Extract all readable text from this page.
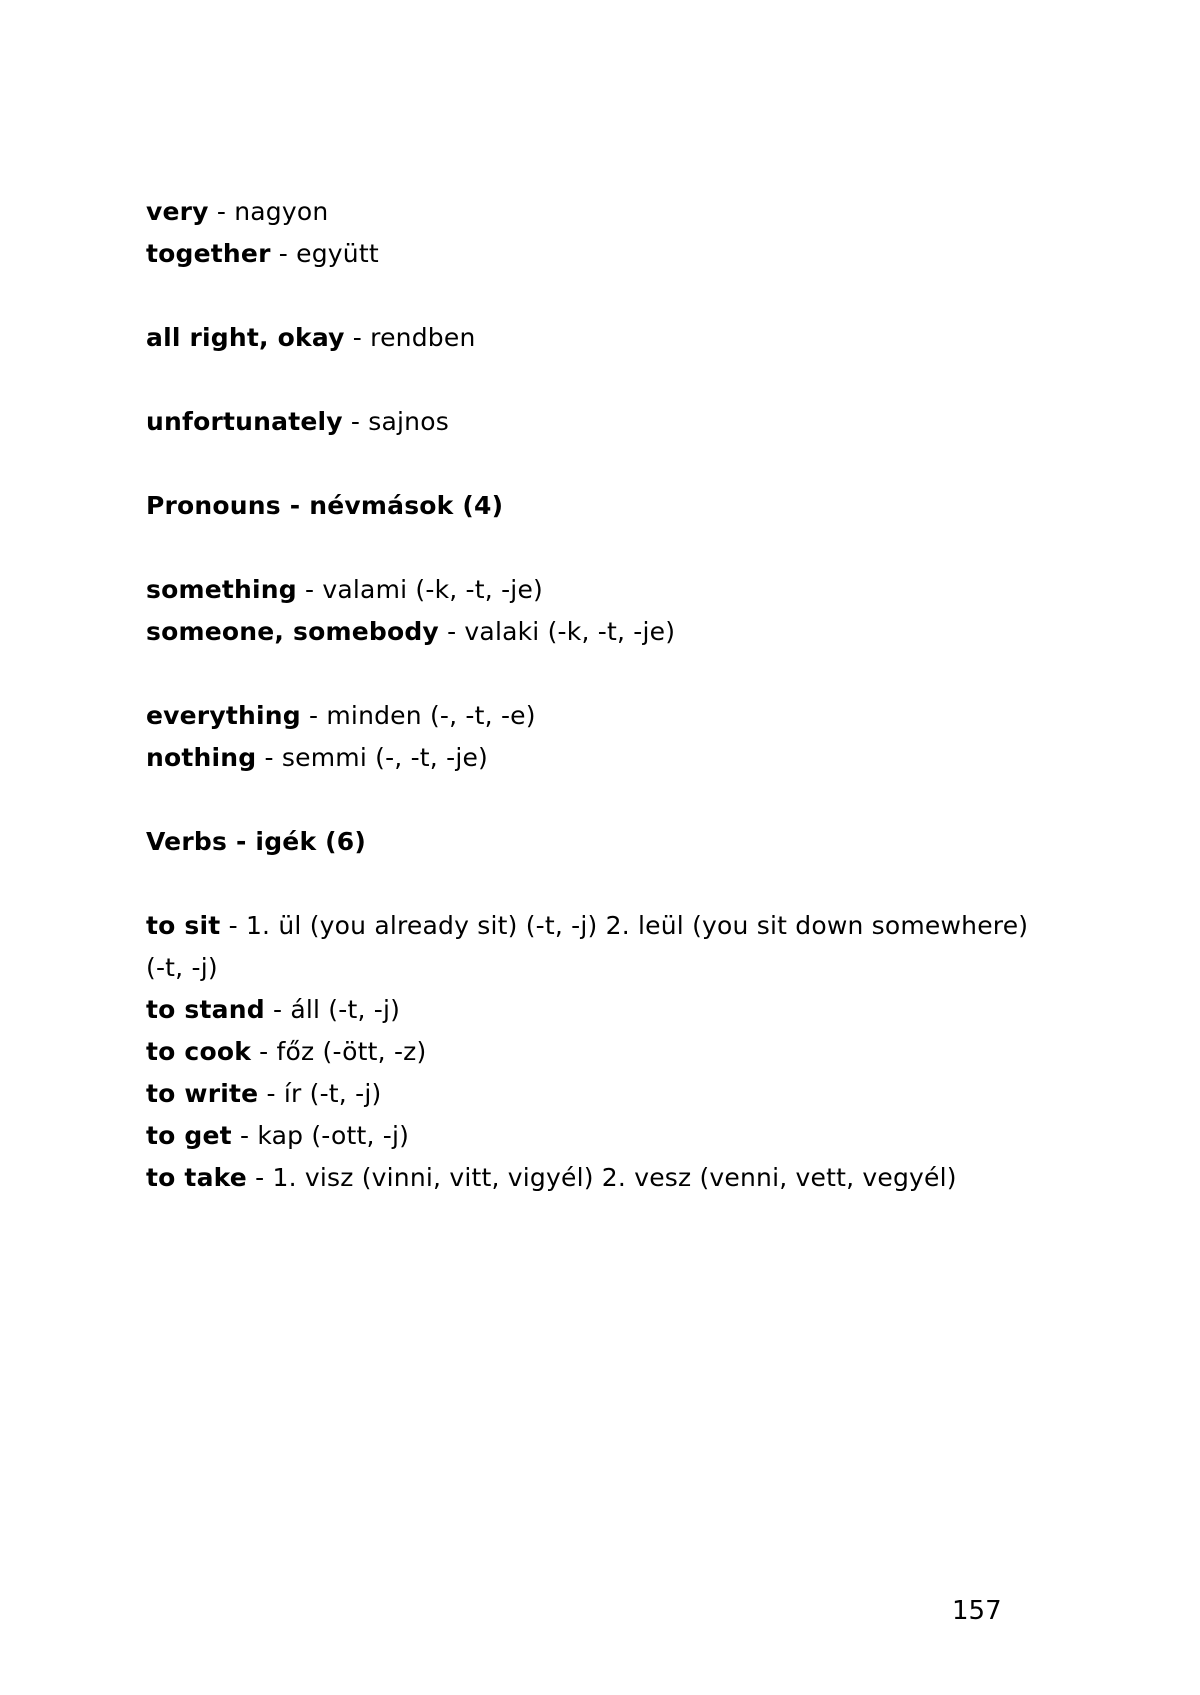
very - nagyon
together - együtt
all right, okay - rendben
unfortunately - sajnos
Pronouns - névmások (4)
something - valami (-k, -t, -je)
someone, somebody - valaki (-k, -t, -je)
everything - minden (-, -t, -e)
nothing - semmi (-, -t, -je)
Verbs - igék (6)
to sit - 1. ül (you already sit) (-t, -j) 2. leül (you sit down somewhere)
(-t, -j)
to stand - áll (-t, -j)
to cook - főz (-ött, -z)
to write - ír (-t, -j)
to get - kap (-ott, -j)
to take - 1. visz (vinni, vitt, vigyél) 2. vesz (venni, vett, vegyél)
157
